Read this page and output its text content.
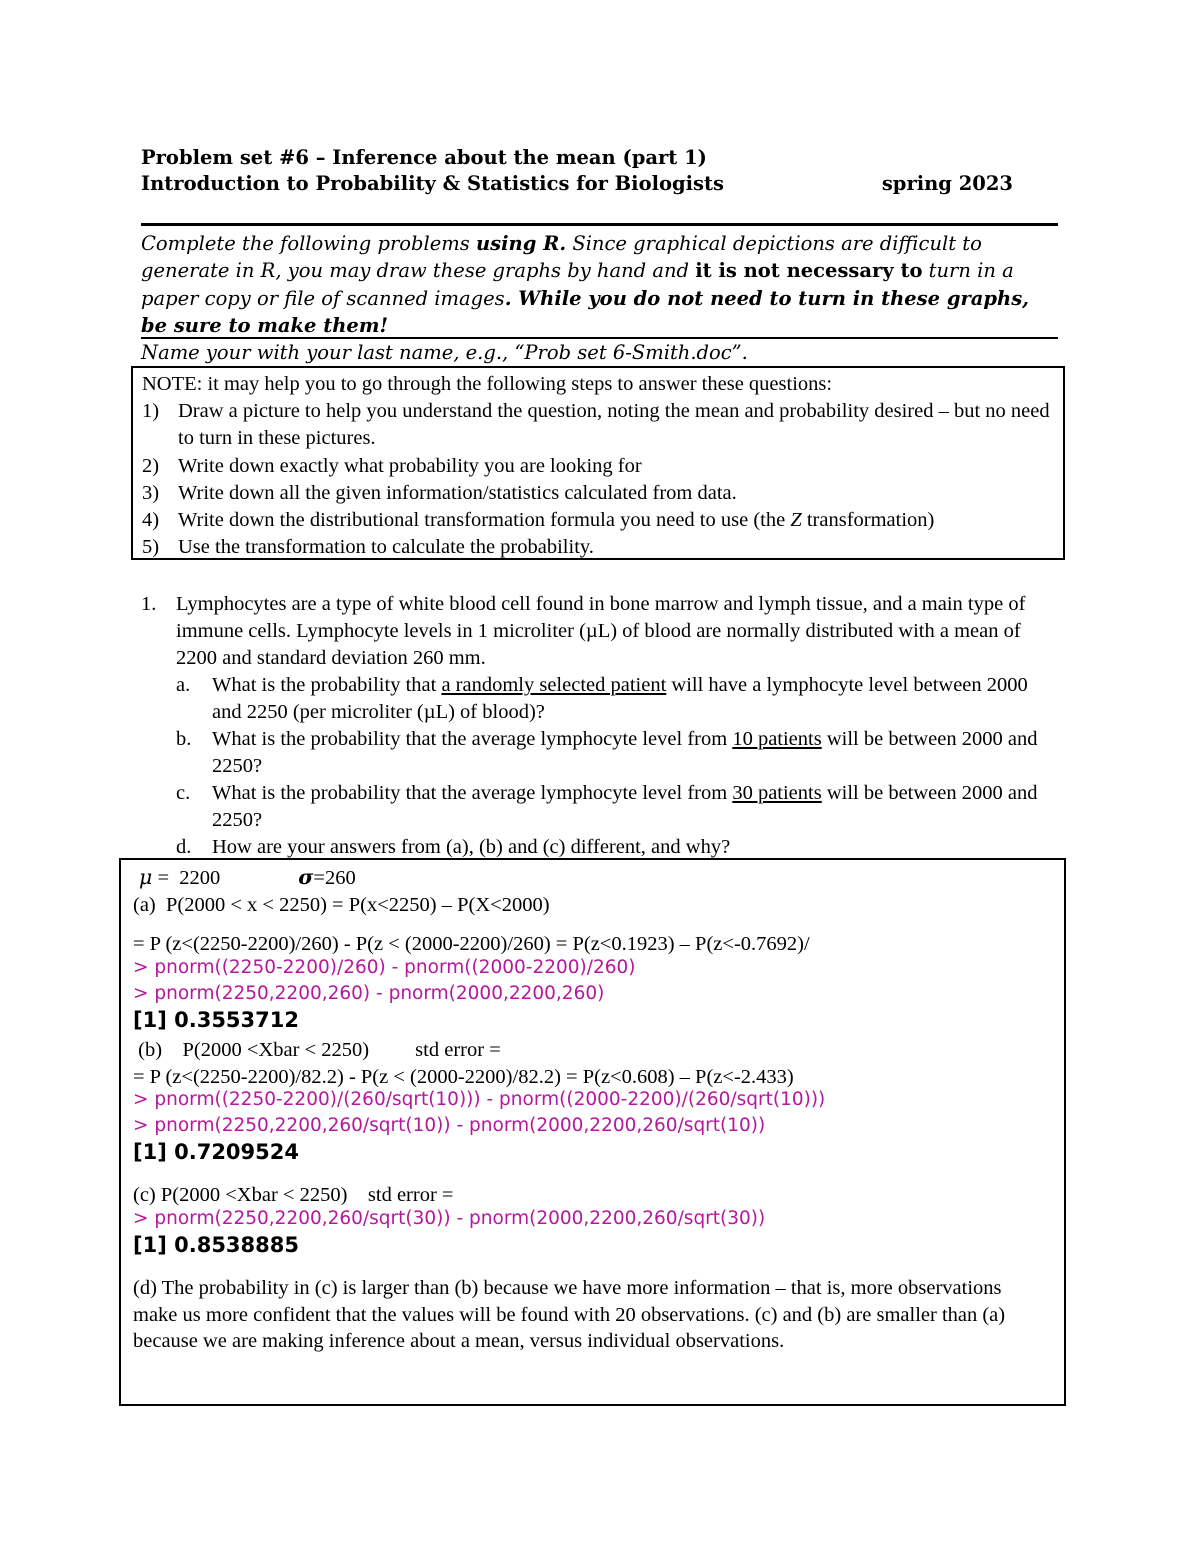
Problem set #6 – Inference about the mean (part 1)
Introduction to Probability & Statistics for Biologists	spring 2023
Complete the following problems using R. Since graphical depictions are difficult to generate in R, you may draw these graphs by hand and it is not necessary to turn in a paper copy or file of scanned images. While you do not need to turn in these graphs, be sure to make them!
Name your with your last name, e.g., “Prob set 6-Smith.doc”.
NOTE: it may help you to go through the following steps to answer these questions:
1) Draw a picture to help you understand the question, noting the mean and probability desired – but no need to turn in these pictures.
2) Write down exactly what probability you are looking for
3) Write down all the given information/statistics calculated from data.
4) Write down the distributional transformation formula you need to use (the Z transformation)
5) Use the transformation to calculate the probability.
1. Lymphocytes are a type of white blood cell found in bone marrow and lymph tissue, and a main type of immune cells. Lymphocyte levels in 1 microliter (µL) of blood are normally distributed with a mean of 2200 and standard deviation 260 mm.
a. What is the probability that a randomly selected patient will have a lymphocyte level between 2000 and 2250 (per microliter (µL) of blood)?
b. What is the probability that the average lymphocyte level from 10 patients will be between 2000 and 2250?
c. What is the probability that the average lymphocyte level from 30 patients will be between 2000 and 2250?
d. How are your answers from (a), (b) and (c) different, and why?
μ =  2200	σ=260
(a)  P(2000 < x < 2250) = P(x<2250) – P(X<2000)
= P (z<(2250-2200)/260) - P(z < (2000-2200)/260) = P(z<0.1923) – P(z<-0.7692)/
> pnorm((2250-2200)/260) - pnorm((2000-2200)/260)
> pnorm(2250,2200,260) - pnorm(2000,2200,260)
[1] 0.3553712
(b)    P(2000 <Xbar < 2250)         std error =
= P (z<(2250-2200)/82.2) - P(z < (2000-2200)/82.2) = P(z<0.608) – P(z<-2.433)
> pnorm((2250-2200)/(260/sqrt(10))) - pnorm((2000-2200)/(260/sqrt(10)))
> pnorm(2250,2200,260/sqrt(10)) - pnorm(2000,2200,260/sqrt(10))
[1] 0.7209524
(c) P(2000 <Xbar < 2250)    std error =
> pnorm(2250,2200,260/sqrt(30)) - pnorm(2000,2200,260/sqrt(30))
[1] 0.8538885
(d) The probability in (c) is larger than (b) because we have more information – that is, more observations make us more confident that the values will be found with 20 observations. (c) and (b) are smaller than (a) because we are making inference about a mean, versus individual observations.
